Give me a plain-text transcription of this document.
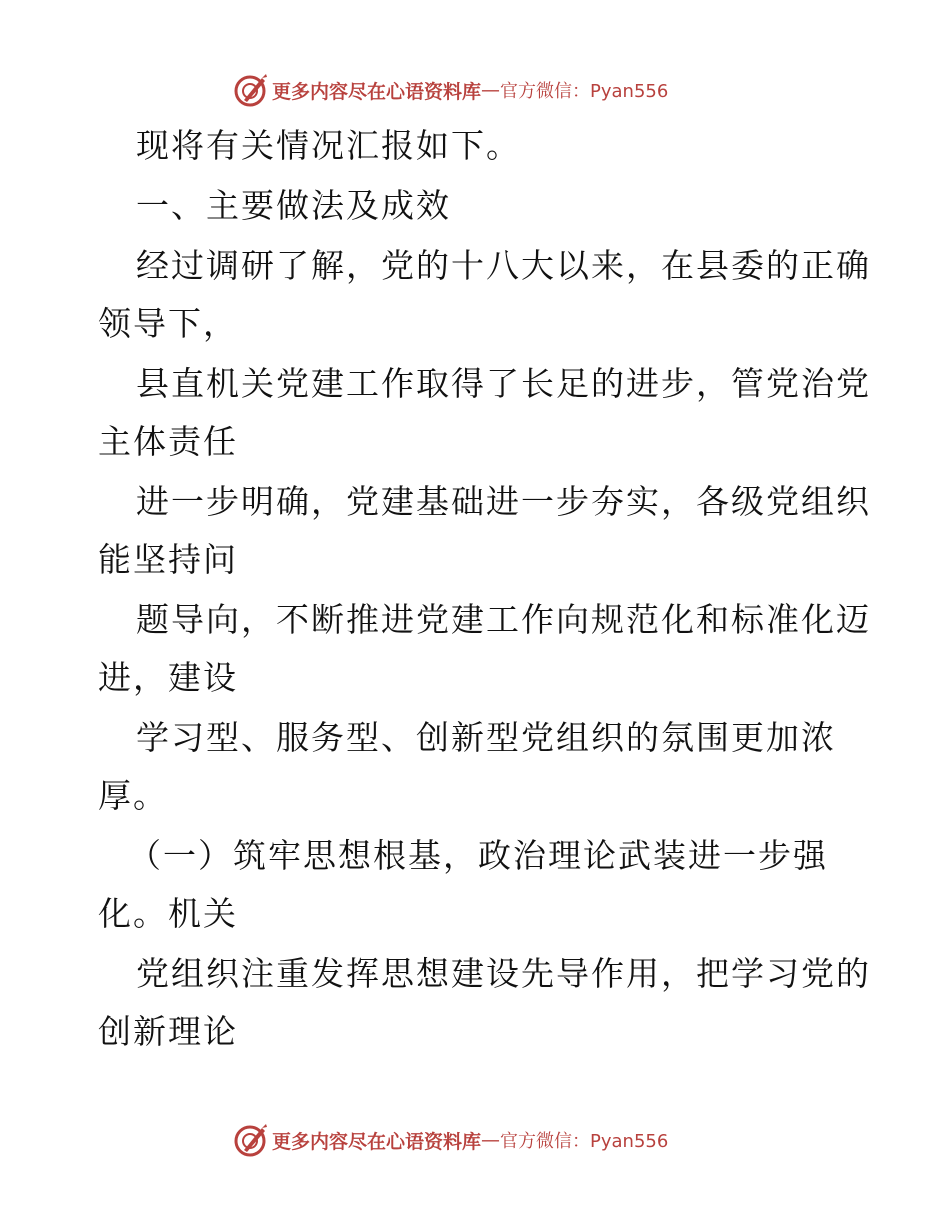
更多内容尽在心语资料库 — 官方微信：Pyan556
现将有关情况汇报如下。
一、主要做法及成效
经过调研了解，党的十八大以来，在县委的正确
领导下，
县直机关党建工作取得了长足的进步，管党治党
主体责任
进一步明确，党建基础进一步夯实，各级党组织
能坚持问
题导向，不断推进党建工作向规范化和标准化迈
进，建设
学习型、服务型、创新型党组织的氛围更加浓
厚。
（一）筑牢思想根基，政治理论武装进一步强
化。机关
党组织注重发挥思想建设先导作用，把学习党的
创新理论
更多内容尽在心语资料库 — 官方微信：Pyan556
